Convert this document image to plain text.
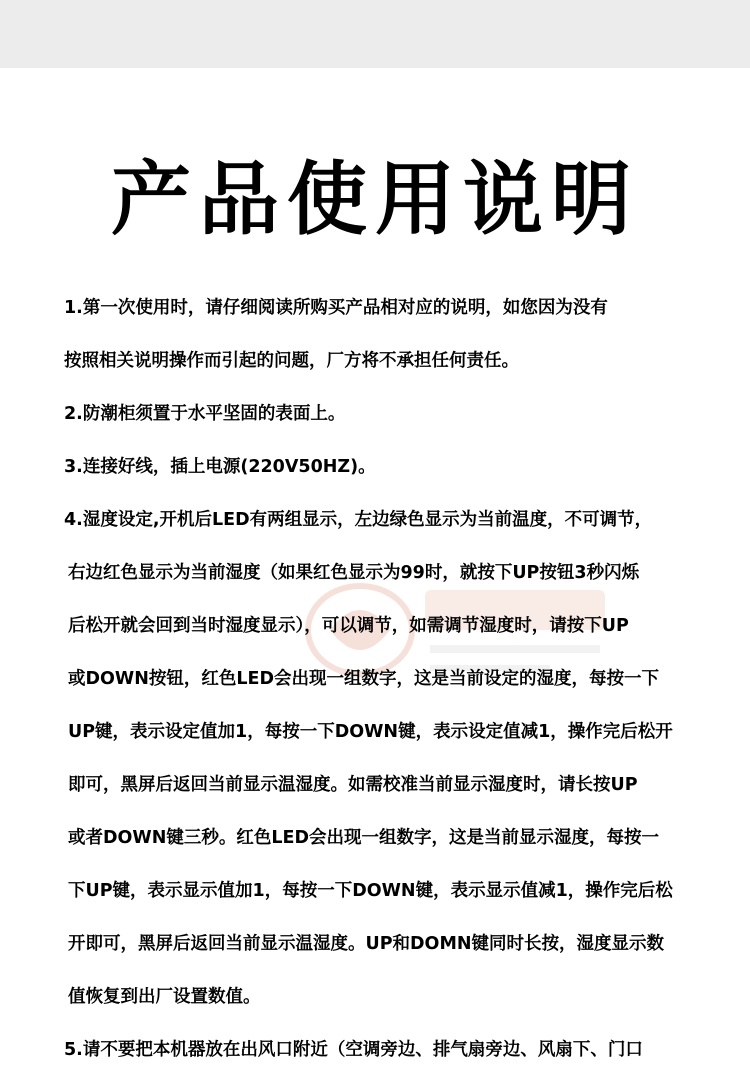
产品使用说明
1.第一次使用时，请仔细阅读所购买产品相对应的说明，如您因为没有
按照相关说明操作而引起的问题，厂方将不承担任何责任。
2.防潮柜须置于水平坚固的表面上。
3.连接好线，插上电源(220V50HZ)。
4.湿度设定,开机后LED有两组显示，左边绿色显示为当前温度，不可调节，
右边红色显示为当前湿度（如果红色显示为99时，就按下UP按钮3秒闪烁
后松开就会回到当时湿度显示），可以调节，如需调节湿度时，请按下UP
或DOWN按钮，红色LED会出现一组数字，这是当前设定的湿度，每按一下
UP键，表示设定值加1，每按一下DOWN键，表示设定值减1，操作完后松开
即可，黑屏后返回当前显示温湿度。如需校准当前显示湿度时，请长按UP
或者DOWN键三秒。红色LED会出现一组数字，这是当前显示湿度，每按一
下UP键，表示显示值加1，每按一下DOWN键，表示显示值减1，操作完后松
开即可，黑屏后返回当前显示温湿度。UP和DOMN键同时长按，湿度显示数
值恢复到出厂设置数值。
5.请不要把本机器放在出风口附近（空调旁边、排气扇旁边、风扇下、门口
